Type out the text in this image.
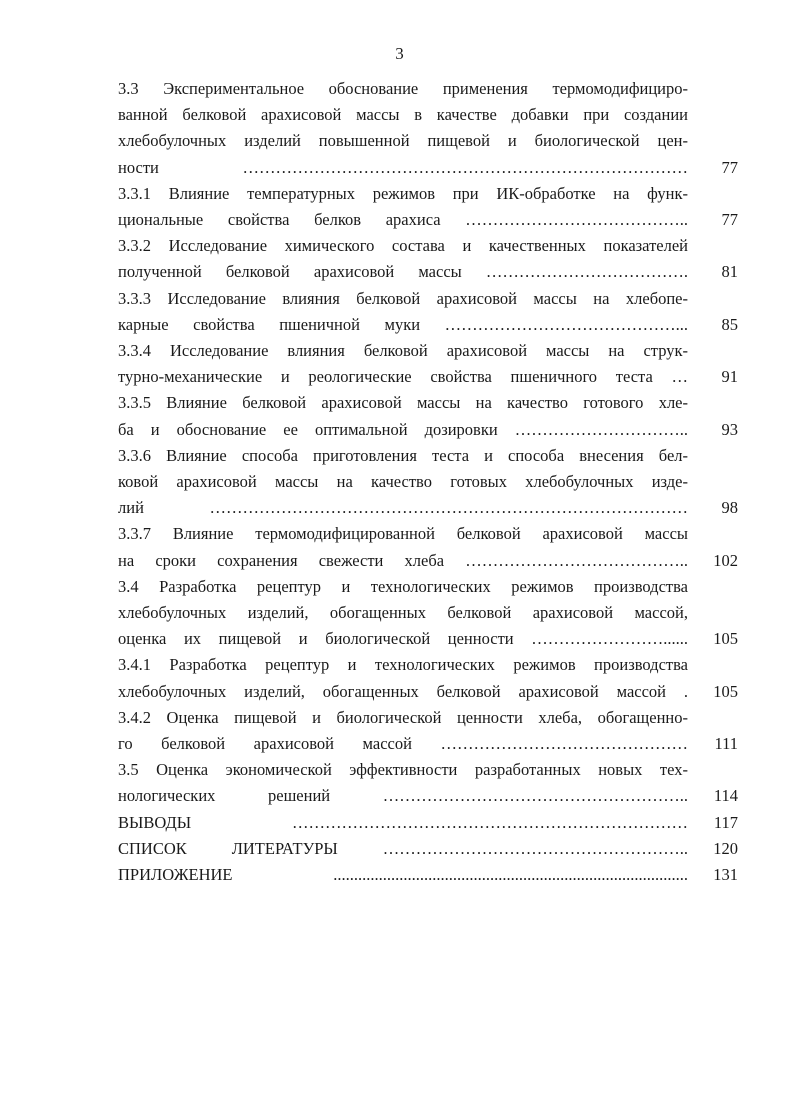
3
3.3 Экспериментальное обоснование применения термомодифициро-
ванной белковой арахисовой массы в качестве добавки при создании
хлебобулочных изделий повышенной пищевой и биологической цен-
ности ………………………………………………………………………	77
3.3.1 Влияние температурных режимов при ИК-обработке на функ-
циональные свойства белков арахиса …………………………………..	77
3.3.2 Исследование химического состава и качественных показателей
полученной белковой арахисовой массы ……………………………….	81
3.3.3 Исследование влияния белковой арахисовой массы на хлебопе-
карные свойства пшеничной муки ……………………………………...	85
3.3.4 Исследование влияния белковой арахисовой массы на струк-
турно-механические и реологические свойства пшеничного теста …	91
3.3.5 Влияние белковой арахисовой массы на качество готового хле-
ба и обоснование ее оптимальной дозировки …………………………..	93
3.3.6 Влияние способа приготовления теста и способа внесения бел-
ковой арахисовой массы на качество готовых хлебобулочных изде-
лий ……………………………………………………………………………	98
3.3.7 Влияние термомодифицированной белковой арахисовой массы
на сроки сохранения свежести хлеба …………………………………..	102
3.4 Разработка рецептур и технологических режимов производства
хлебобулочных изделий, обогащенных белковой арахисовой массой,
оценка их пищевой и биологической ценности ……………………......	105
3.4.1 Разработка рецептур и технологических режимов производства
хлебобулочных изделий, обогащенных белковой арахисовой массой .	105
3.4.2 Оценка пищевой и биологической ценности хлеба, обогащенно-
го белковой арахисовой массой ………………………………………	111
3.5 Оценка экономической эффективности разработанных новых тех-
нологических решений ………………………………………………..	114
ВЫВОДЫ ………………………………………………………………	117
СПИСОК ЛИТЕРАТУРЫ ………………………………………………..	120
ПРИЛОЖЕНИЕ ......................................................................................	131
